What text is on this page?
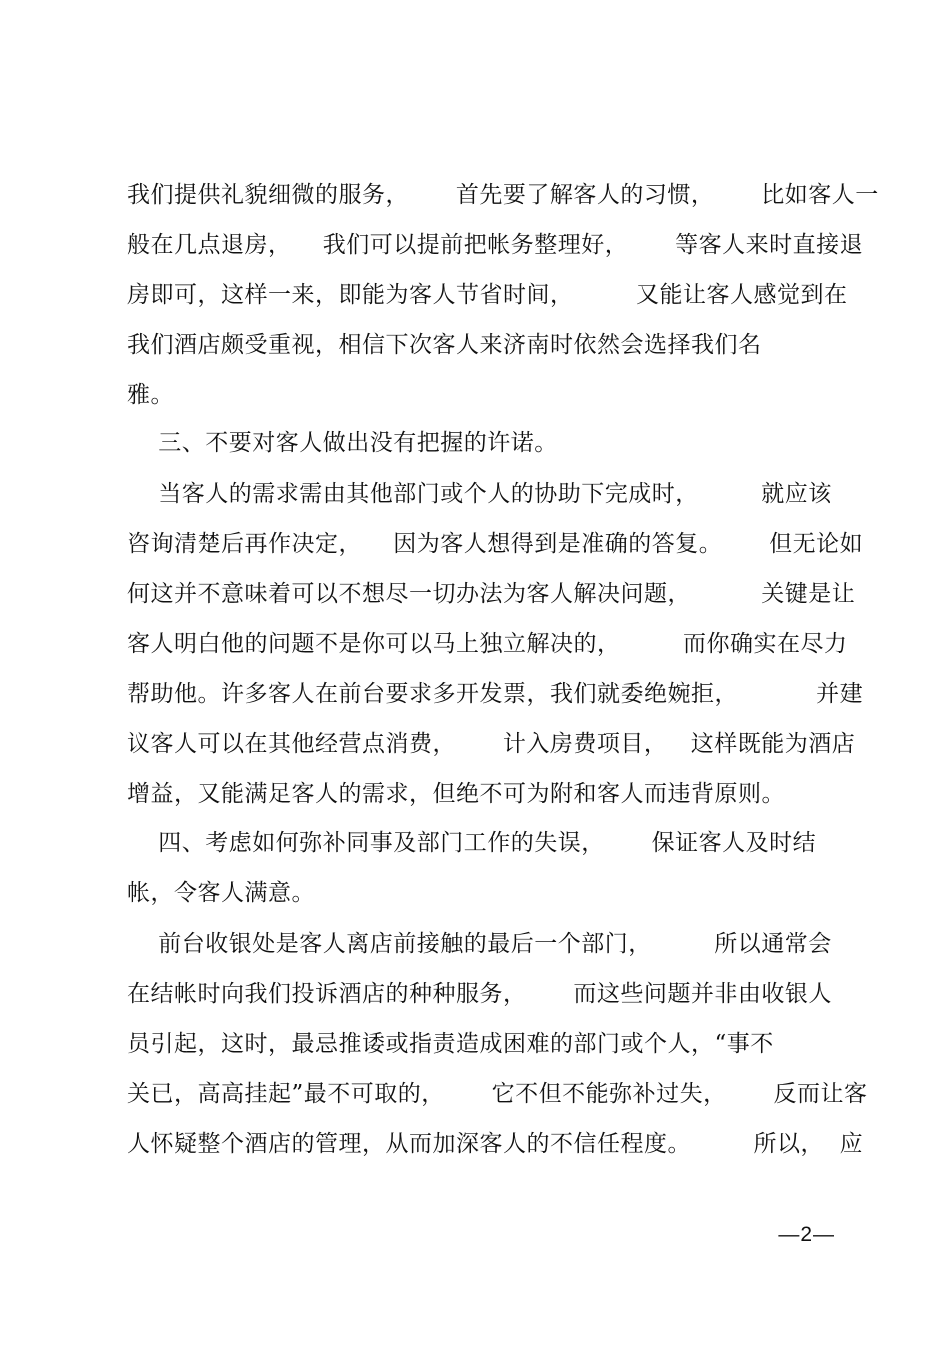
我们提供礼貌细微的服务，      首先要了解客人的习惯，      比如客人一
般在几点退房，    我们可以提前把帐务整理好，      等客人来时直接退
房即可，这样一来，即能为客人节省时间，        又能让客人感觉到在
我们酒店颇受重视，相信下次客人来济南时依然会选择我们名
雅。
三、不要对客人做出没有把握的许诺。
当客人的需求需由其他部门或个人的协助下完成时，        就应该
咨询清楚后再作决定，    因为客人想得到是准确的答复。      但无论如
何这并不意味着可以不想尽一切办法为客人解决问题，         关键是让
客人明白他的问题不是你可以马上独立解决的，        而你确实在尽力
帮助他。许多客人在前台要求多开发票，我们就委绝婉拒，          并建
议客人可以在其他经营点消费，      计入房费项目，   这样既能为酒店
增益，又能满足客人的需求，但绝不可为附和客人而违背原则。
四、考虑如何弥补同事及部门工作的失误，      保证客人及时结
帐，令客人满意。
前台收银处是客人离店前接触的最后一个部门，        所以通常会
在结帐时向我们投诉酒店的种种服务，      而这些问题并非由收银人
员引起，这时，最忌推诿或指责造成困难的部门或个人，“事不
关已，高高挂起”最不可取的，      它不但不能弥补过失，      反而让客
人怀疑整个酒店的管理，从而加深客人的不信任程度。        所以，  应
—2—
